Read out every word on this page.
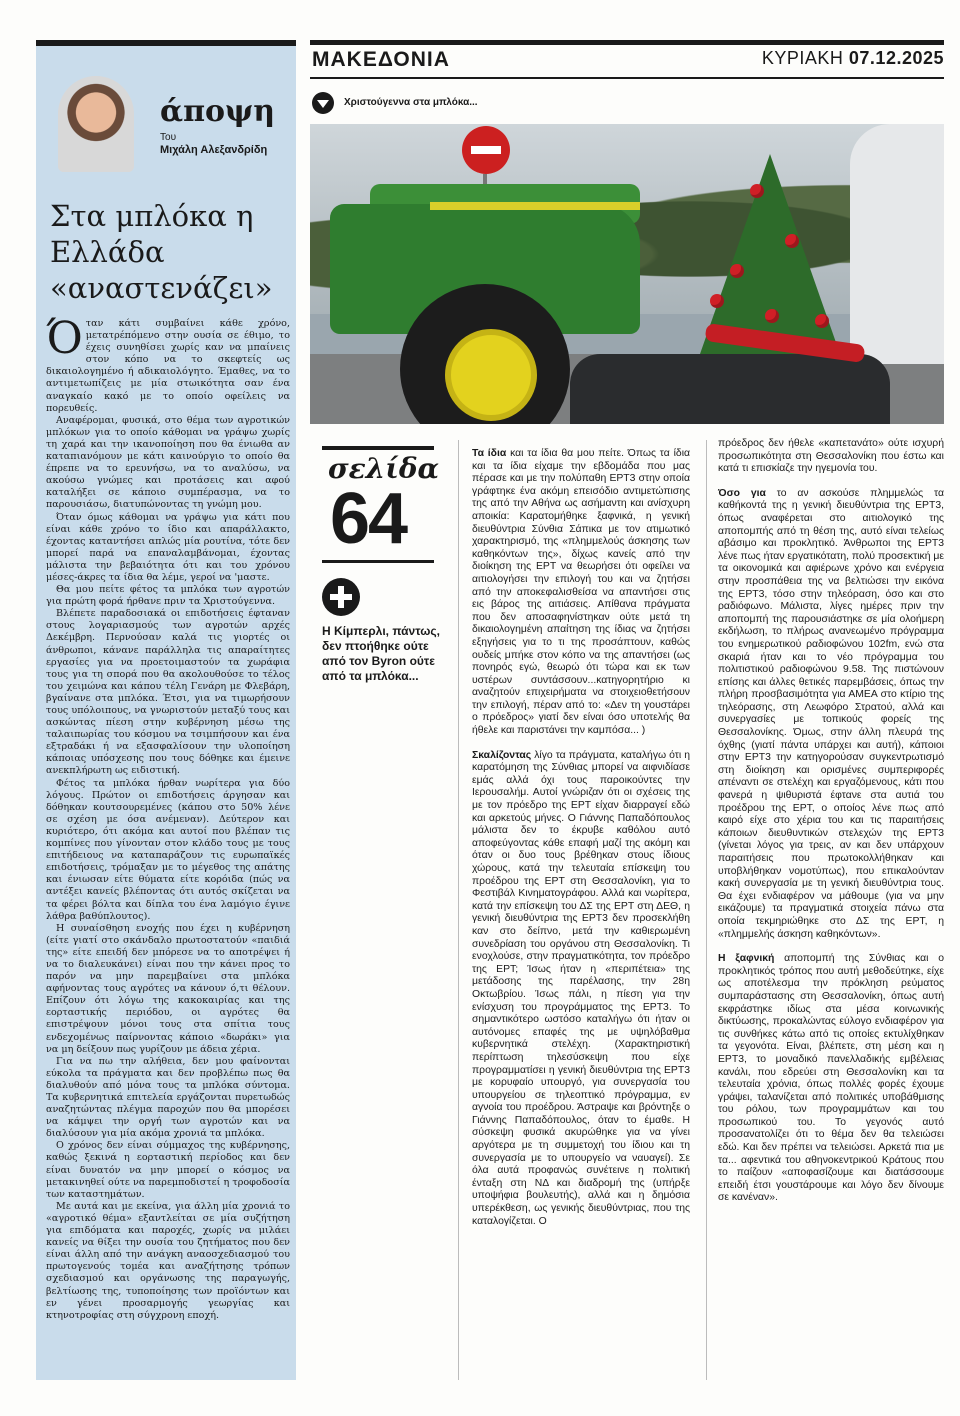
άποψη
Του
Μιχάλη Αλεξανδρίδη
Στα μπλόκα η Ελλάδα «αναστενάζει»

Όταν κάτι συμβαίνει κάθε χρόνο, μετατρέπόμενο στην ουσία σε έθιμο, το έχεις συνηθίσει χωρίς καν να μπαίνεις στον κόπο να το σκεφτείς ως δικαιολογημένο ή αδικαιολόγητο. Έμαθες, να το αντιμετωπίζεις με μία στωικότητα σαν ένα αναγκαίο κακό με το οποίο οφείλεις να πορευθείς.

Αναφέρομαι, φυσικά, στο θέμα των αγροτικών μπλόκων για το οποίο κάθομαι να γράψω χωρίς τη χαρά και την ικανοποίηση που θα ένιωθα αν καταπιανόμουν με κάτι καινούργιο το οποίο θα έπρεπε να το ερευνήσω, να το αναλύσω, να ακούσω γνώμες και προτάσεις και αφού καταλήξει σε κάποιο συμπέρασμα, να το παρουσιάσω, διατυπώνοντας τη γνώμη μου.

Όταν όμως κάθομαι να γράψω για κάτι που είναι κάθε χρόνο το ίδιο και απαράλλακτο, έχοντας καταντήσει απλώς μία ρουτίνα, τότε δεν μπορεί παρά να επαναλαμβάνομαι, έχοντας μάλιστα την βεβαιότητα ότι και του χρόνου μέσες-άκρες τα ίδια θα λέμε, γεροί να 'μαστε.

Θα μου πείτε φέτος τα μπλόκα των αγροτών για πρώτη φορά ήρθανε πριν τα Χριστούγεννα.

Βλέπετε παραδοσιακά οι επιδοτήσεις έφταναν στους λογαριασμούς των αγροτών αρχές Δεκέμβρη. Περνούσαν καλά τις γιορτές οι άνθρωποι, κάνανε παράλληλα τις απαραίτητες εργασίες για να προετοιμαστούν τα χωράφια τους για τη σπορά που θα ακολουθούσε το τέλος του χειμώνα και κάπου τέλη Γενάρη με Φλεβάρη, βγαίνανε στα μπλόκα. Έτσι, για να τιμωρήσουν τους υπόλοιπους, να γνωριστούν μεταξύ τους και ασκώντας πίεση στην κυβέρνηση μέσω της ταλαιπωρίας του κόσμου να τσιμπήσουν και ένα εξτραδάκι ή να εξασφαλίσουν την υλοποίηση κάποιας υπόσχεσης που τους δόθηκε και έμεινε ανεκπλήρωτη ως ειδιστική.

Φέτος τα μπλόκα ήρθαν νωρίτερα για δύο λόγους. Πρώτον οι επιδοτήσεις άργησαν και δόθηκαν κουτσουρεμένες (κάπου στο 50% λένε σε σχέση με όσα ανέμεναν). Δεύτερον και κυριότερο, ότι ακόμα και αυτοί που βλέπαν τις κομπίνες που γίνονταν στον κλάδο τους με τους επιτήδειους να καταπαράζουν τις ευρωπαϊκές επιδοτήσεις, τρόμαξαν με το μέγεθος της απάτης και ένιωσαν είτε θύματα είτε κορόιδα (πώς να αντέξει κανείς βλέποντας ότι αυτός σκίζεται να τα φέρει βόλτα και δίπλα του ένα λαμόγιο έγινε λάθρα βαθύπλουτος).

Η συναίσθηση ενοχής που έχει η κυβέρνηση (είτε γιατί στο σκάνδαλο πρωτοστατούν «παιδιά της» είτε επειδή δεν μπόρεσε να το αποτρέψει ή να το διαλευκάνει) είναι που την κάνει προς το παρόν να μην παρεμβαίνει στα μπλόκα αφήνοντας τους αγρότες να κάνουν ό,τι θέλουν. Επίζουν ότι λόγω της κακοκαιρίας και της εορταστικής περιόδου, οι αγρότες θα επιστρέψουν μόνοι τους στα σπίτια τους ενδεχομένως παίρνοντας κάποιο «δωράκι» για να μη δείξουν πως γυρίζουν με άδεια χέρια.

Για να πω την αλήθεια, δεν μου φαίνονται εύκολα τα πράγματα και δεν προβλέπω πως θα διαλυθούν από μόνα τους τα μπλόκα σύντομα. Τα κυβερνητικά επιτελεία εργάζονται πυρετωδώς αναζητώντας πλέγμα παροχών που θα μπορέσει να κάμψει την οργή των αγροτών και να διαλύσουν για μία ακόμα χρονιά τα μπλόκα.

Ο χρόνος δεν είναι σύμμαχος της κυβέρνησης, καθώς ξεκινά η εορταστική περίοδος και δεν είναι δυνατόν να μην μπορεί ο κόσμος να μετακινηθεί ούτε να παρεμποδιστεί η τροφοδοσία των καταστημάτων.

Με αυτά και με εκείνα, για άλλη μία χρονιά το «αγροτικό θέμα» εξαντλείται σε μία συζήτηση για επιδόματα και παροχές, χωρίς να μιλάει κανείς να θίξει την ουσία του ζητήματος που δεν είναι άλλη από την ανάγκη αναοσχεδιασμού του πρωτογενούς τομέα και αναζήτησης τρόπων σχεδιασμού και οργάνωσης της παραγωγής, βελτίωσης της, τυποποίησης των προϊόντων και εν γένει προσαρμογής γεωργίας και κτηνοτροφίας στη σύγχρονη εποχή.

ΜΑΚΕΔΟΝΙΑ	ΚΥΡΙΑΚΗ 07.12.2025
Χριστούγεννα στα μπλόκα...
σελίδα
64
Η Κίμπερλι, πάντως, δεν πτοήθηκε ούτε από τον Byron ούτε από τα μπλόκα...

Τα ίδια και τα ίδια θα μου πείτε. Όπως τα ίδια και τα ίδια είχαμε την εβδομάδα που μας πέρασε και με την πολύπαθη ΕΡΤ3 στην οποία γράφτηκε ένα ακόμη επεισόδιο αντιμετώπισης της από την Αθήνα ως ασήμαντη και ανίσχυρη αποικία: Καρατομήθηκε ξαφνικά, η γενική διευθύντρια Σύνθια Σάπικα με τον ατιμωτικό χαρακτηρισμό, της «πλημμελούς άσκησης των καθηκόντων της», δίχως κανείς από την διοίκηση της ΕΡΤ να θεωρήσει ότι οφείλει να αιτιολογήσει την επιλογή του και να ζητήσει από την αποκεφαλισθείσα να απαντήσει στις εις βάρος της αιτιάσεις. Απίθανα πράγματα που δεν αποσαφηνίστηκαν ούτε μετά τη δικαιολογημένη απαίτηση της ίδιας να ζητήσει εξηγήσεις για το τι της προσάπτουν, καθώς ουδείς μπήκε στον κόπο να της απαντήσει (ως πονηρός εγώ, θεωρώ ότι τώρα και εκ των υστέρων συντάσσουν...κατηγορητήριο κι αναζητούν επιχειρήματα να στοιχειοθετήσουν την επιλογή, πέραν από το: «Δεν τη γουστάρει ο πρόεδρος» γιατί δεν είναι όσο υποτελής θα ήθελε και παριστάνει την καμπόσα... )

Σκαλίζοντας λίγο τα πράγματα, καταλήγω ότι η καρατόμηση της Σύνθιας μπορεί να αιφνιδίασε εμάς αλλά όχι τους παροικούντες την Ιερουσαλήμ. Αυτοί γνώριζαν ότι οι σχέσεις της με τον πρόεδρο της ΕΡΤ είχαν διαρραγεί εδώ και αρκετούς μήνες. Ο Γιάννης Παπαδόπουλος μάλιστα δεν το έκρυβε καθόλου αυτό αποφεύγοντας κάθε επαφή μαζί της ακόμη και όταν οι δυο τους βρέθηκαν στους ίδιους χώρους, κατά την τελευταία επίσκεψη του προέδρου της ΕΡΤ στη Θεσσαλονίκη, για το Φεστιβάλ Κινηματογράφου. Αλλά και νωρίτερα, κατά την επίσκεψη του ΔΣ της ΕΡΤ στη ΔΕΘ, η γενική διευθύντρια της ΕΡΤ3 δεν προσεκλήθη καν στο δείπνο, μετά την καθιερωμένη συνεδρίαση του οργάνου στη Θεσσαλονίκη. Τι ενοχλούσε, στην πραγματικότητα, τον πρόεδρο της ΕΡΤ; Ίσως ήταν η «περιπέτεια» της μετάδοσης της παρέλασης, την 28η Οκτωβρίου. Ίσως πάλι, η πίεση για την ενίσχυση του προγράμματος της ΕΡΤ3. Το σημαντικότερο ωστόσο καταλήγω ότι ήταν οι αυτόνομες επαφές της με υψηλόβαθμα κυβερνητικά στελέχη. (Χαρακτηριστική περίπτωση τηλεσύσκεψη που είχε προγραμματίσει η γενική διευθύντρια της ΕΡΤ3 με κορυφαίο υπουργό, για συνεργασία του υπουργείου σε τηλεοπτικό πρόγραμμα, εν αγνοία του προέδρου. Άστραψε και βρόντηξε ο Γιάννης Παπαδόπουλος, όταν το έμαθε. Η σύσκεψη φυσικά ακυρώθηκε για να γίνει αργότερα με τη συμμετοχή του ίδιου και τη συνεργασία με το υπουργείο να ναυαγεί). Σε όλα αυτά προφανώς συνέτεινε η πολιτική ένταξη στη ΝΔ και διαδρομή της (υπήρξε υποψήφια βουλευτής), αλλά και η δημόσια υπερέκθεση, ως γενικής διευθύντριας, που της καταλογίζεται. Ο

πρόεδρος δεν ήθελε «καπετανάτο» ούτε ισχυρή προσωπικότητα στη Θεσσαλονίκη που έστω και κατά τι επισκίαζε την ηγεμονία του.

Όσο για το αν ασκούσε πλημμελώς τα καθήκοντά της η γενική διευθύντρια της ΕΡΤ3, όπως αναφέρεται στο αιτιολογικό της αποπομπής από τη θέση της, αυτό είναι τελείως αβάσιμο και προκλητικό. Άνθρωποι της ΕΡΤ3 λένε πως ήταν εργατικότατη, πολύ προσεκτική με τα οικονομικά και αφιέρωνε χρόνο και ενέργεια στην προσπάθεια της να βελτιώσει την εικόνα της ΕΡΤ3, τόσο στην τηλεόραση, όσο και στο ραδιόφωνο. Μάλιστα, λίγες ημέρες πριν την αποπομπή της παρουσιάστηκε σε μία ολοήμερη εκδήλωση, το πλήρως ανανεωμένο πρόγραμμα του ενημερωτικού ραδιοφώνου 102fm, ενώ στα σκαριά ήταν και το νέο πρόγραμμα του πολιτιστικού ραδιοφώνου 9.58. Της πιστώνουν επίσης και άλλες θετικές παρεμβάσεις, όπως την πλήρη προσβασιμότητα για ΑΜΕΑ στο κτίριο της τηλεόρασης, στη Λεωφόρο Στρατού, αλλά και συνεργασίες με τοπικούς φορείς της Θεσσαλονίκης. Όμως, στην άλλη πλευρά της όχθης (γιατί πάντα υπάρχει και αυτή), κάποιοι στην ΕΡΤ3 την κατηγορούσαν συγκεντρωτισμό στη διοίκηση και ορισμένες συμπεριφορές απέναντι σε στελέχη και εργαζόμενους, κάτι που φανερά η ψιθυριστά έφτανε στα αυτιά του προέδρου της ΕΡΤ, ο οποίος λένε πως από καιρό είχε στο χέρια του και τις παραιτήσεις κάποιων διευθυντικών στελεχών της ΕΡΤ3 (γίνεται λόγος για τρεις, αν και δεν υπάρχουν παραιτήσεις που πρωτοκολλήθηκαν και υποβλήθηκαν νομοτύπως), που επικαλούνταν κακή συνεργασία με τη γενική διευθύντρια τους. Θα έχει ενδιαφέρον να μάθουμε (για να μην εικάζουμε) τα πραγματικά στοιχεία πάνω στα οποία τεκμηριώθηκε στο ΔΣ της ΕΡΤ, η «πλημμελής άσκηση καθηκόντων».

Η ξαφνική αποπομπή της Σύνθιας και ο προκλητικός τρόπος που αυτή μεθοδεύτηκε, είχε ως αποτέλεσμα την πρόκληση ρεύματος συμπαράστασης στη Θεσσαλονίκη, όπως αυτή εκφράστηκε ιδίως στα μέσα κοινωνικής δικτύωσης, προκαλώντας εύλογο ενδιαφέρον για τις συνθήκες κάτω από τις οποίες εκτυλίχθηκαν τα γεγονότα. Είναι, βλέπετε, στη μέση και η ΕΡΤ3, το μοναδικό πανελλαδικής εμβέλειας κανάλι, που εδρεύει στη Θεσσαλονίκη και τα τελευταία χρόνια, όπως πολλές φορές έχουμε γράψει, ταλανίζεται από πολιτικές υποβάθμισης του ρόλου, των προγραμμάτων και του προσωπικού του. Το γεγονός αυτό προσανατολίζει ότι το θέμα δεν θα τελειώσει εδώ. Και δεν πρέπει να τελειώσει. Αρκετά πια με τα... αφεντικά του αθηνοκεντρικού Κράτους που το παίζουν «αποφασίζουμε και διατάσσουμε επειδή έτσι γουστάρουμε και λόγο δεν δίνουμε σε κανέναν».
